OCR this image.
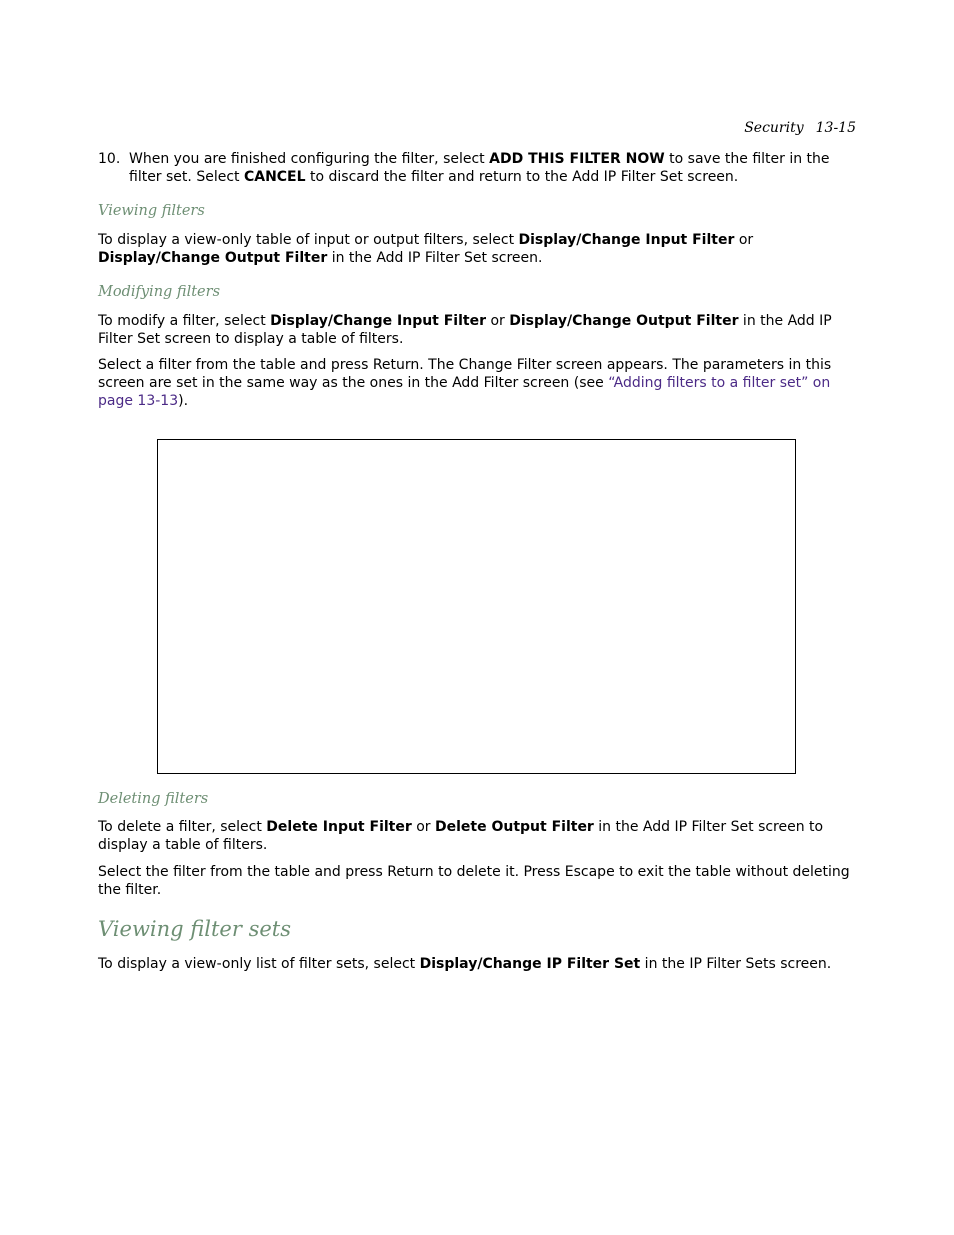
Security 13-15
10. When you are finished configuring the filter, select ADD THIS FILTER NOW to save the filter in the filter set. Select CANCEL to discard the filter and return to the Add IP Filter Set screen.
Viewing filters
To display a view-only table of input or output filters, select Display/Change Input Filter or Display/Change Output Filter in the Add IP Filter Set screen.
Modifying filters
To modify a filter, select Display/Change Input Filter or Display/Change Output Filter in the Add IP Filter Set screen to display a table of filters.
Select a filter from the table and press Return. The Change Filter screen appears. The parameters in this screen are set in the same way as the ones in the Add Filter screen (see “Adding filters to a filter set” on page 13-13).
Deleting filters
To delete a filter, select Delete Input Filter or Delete Output Filter in the Add IP Filter Set screen to display a table of filters.
Select the filter from the table and press Return to delete it. Press Escape to exit the table without deleting the filter.
Viewing filter sets
To display a view-only list of filter sets, select Display/Change IP Filter Set in the IP Filter Sets screen.
